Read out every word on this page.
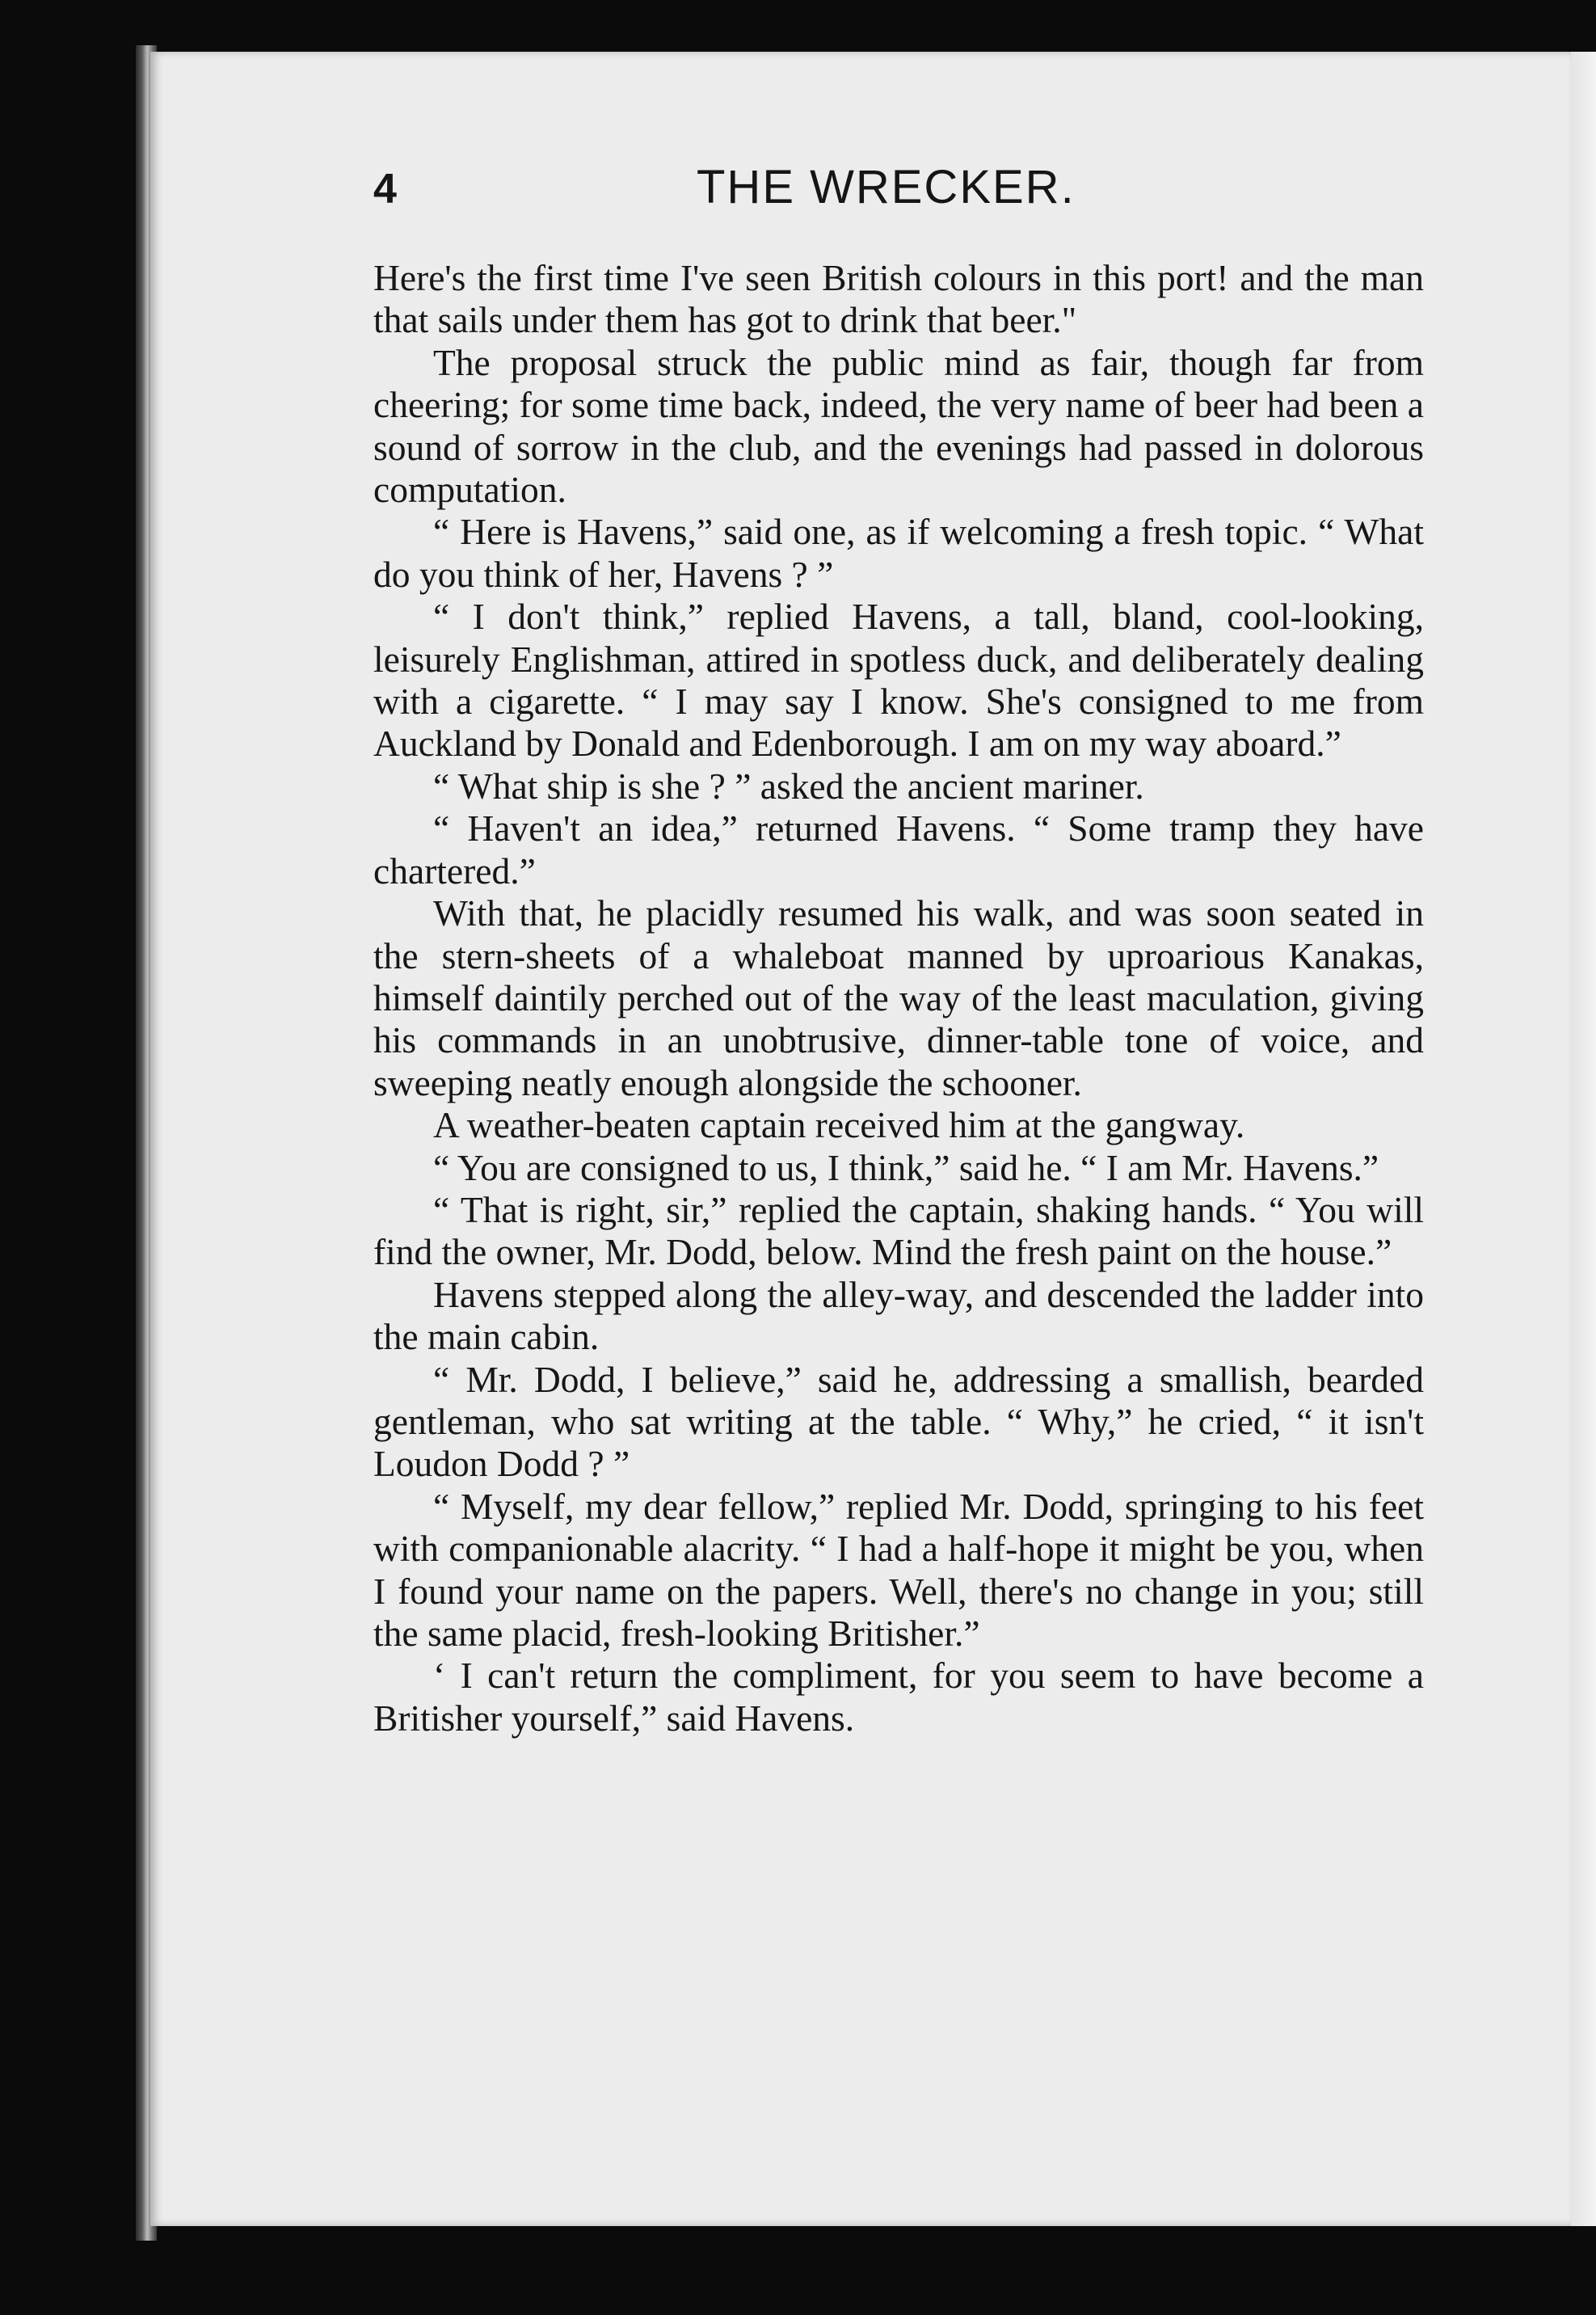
4	THE WRECKER.

Here's the first time I've seen British colours in this port! and the man that sails under them has got to drink that beer."

The proposal struck the public mind as fair, though far from cheering; for some time back, indeed, the very name of beer had been a sound of sorrow in the club, and the evenings had passed in dolorous computation.

“ Here is Havens,” said one, as if welcoming a fresh topic. “ What do you think of her, Havens ? ”

“ I don't think,” replied Havens, a tall, bland, cool-looking, leisurely Englishman, attired in spotless duck, and deliberately dealing with a cigarette. “ I may say I know. She's consigned to me from Auckland by Donald and Edenborough. I am on my way aboard.”

“ What ship is she ? ” asked the ancient mariner.

“ Haven't an idea,” returned Havens. “ Some tramp they have chartered.”

With that, he placidly resumed his walk, and was soon seated in the stern-sheets of a whaleboat manned by uproarious Kanakas, himself daintily perched out of the way of the least maculation, giving his commands in an unobtrusive, dinner-table tone of voice, and sweeping neatly enough alongside the schooner.

A weather-beaten captain received him at the gangway.

“ You are consigned to us, I think,” said he. “ I am Mr. Havens.”

“ That is right, sir,” replied the captain, shaking hands. “ You will find the owner, Mr. Dodd, below. Mind the fresh paint on the house.”

Havens stepped along the alley-way, and descended the ladder into the main cabin.

“ Mr. Dodd, I believe,” said he, addressing a smallish, bearded gentleman, who sat writing at the table. “ Why,” he cried, “ it isn't Loudon Dodd ? ”

“ Myself, my dear fellow,” replied Mr. Dodd, springing to his feet with companionable alacrity. “ I had a half-hope it might be you, when I found your name on the papers. Well, there's no change in you; still the same placid, fresh-looking Britisher.”

‘ I can't return the compliment, for you seem to have become a Britisher yourself,” said Havens.
